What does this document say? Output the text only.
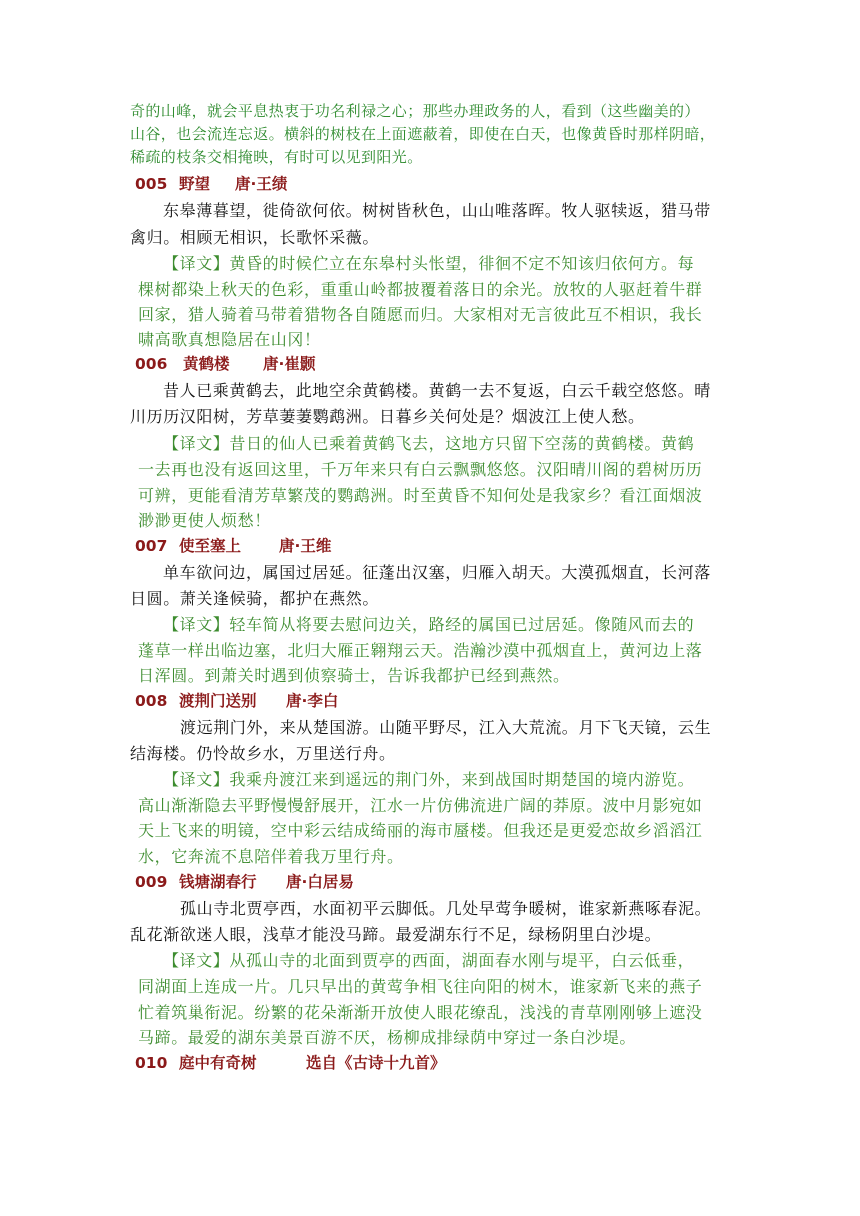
奇的山峰，就会平息热衷于功名利禄之心；那些办理政务的人，看到（这些幽美的）
山谷，也会流连忘返。横斜的树枝在上面遮蔽着，即使在白天，也像黄昏时那样阴暗，
稀疏的枝条交相掩映，有时可以见到阳光。
005 野望 唐·王绩
东皋薄暮望，徙倚欲何依。树树皆秋色，山山唯落晖。牧人驱犊返，猎马带
禽归。相顾无相识，长歌怀采薇。
【译文】黄昏的时候伫立在东皋村头怅望，徘徊不定不知该归依何方。每
棵树都染上秋天的色彩，重重山岭都披覆着落日的余光。放牧的人驱赶着牛群
回家，猎人骑着马带着猎物各自随愿而归。大家相对无言彼此互不相识，我长
啸高歌真想隐居在山冈！
006 黄鹤楼 唐·崔颢
昔人已乘黄鹤去，此地空余黄鹤楼。黄鹤一去不复返，白云千载空悠悠。晴
川历历汉阳树，芳草萋萋鹦鹉洲。日暮乡关何处是？烟波江上使人愁。
【译文】昔日的仙人已乘着黄鹤飞去，这地方只留下空荡的黄鹤楼。黄鹤
一去再也没有返回这里，千万年来只有白云飘飘悠悠。汉阳晴川阁的碧树历历
可辨，更能看清芳草繁茂的鹦鹉洲。时至黄昏不知何处是我家乡？看江面烟波
渺渺更使人烦愁！
007 使至塞上 唐·王维
单车欲问边，属国过居延。征蓬出汉塞，归雁入胡天。大漠孤烟直，长河落
日圆。萧关逢候骑，都护在燕然。
【译文】轻车简从将要去慰问边关，路经的属国已过居延。像随风而去的
蓬草一样出临边塞，北归大雁正翱翔云天。浩瀚沙漠中孤烟直上，黄河边上落
日浑圆。到萧关时遇到侦察骑士，告诉我都护已经到燕然。
008 渡荆门送别 唐·李白
渡远荆门外，来从楚国游。山随平野尽，江入大荒流。月下飞天镜，云生
结海楼。仍怜故乡水，万里送行舟。
【译文】我乘舟渡江来到遥远的荆门外，来到战国时期楚国的境内游览。
高山渐渐隐去平野慢慢舒展开，江水一片仿佛流进广阔的莽原。波中月影宛如
天上飞来的明镜，空中彩云结成绮丽的海市蜃楼。但我还是更爱恋故乡滔滔江
水，它奔流不息陪伴着我万里行舟。
009 钱塘湖春行 唐·白居易
孤山寺北贾亭西，水面初平云脚低。几处早莺争暖树，谁家新燕啄春泥。
乱花渐欲迷人眼，浅草才能没马蹄。最爱湖东行不足，绿杨阴里白沙堤。
【译文】从孤山寺的北面到贾亭的西面，湖面春水刚与堤平，白云低垂，
同湖面上连成一片。几只早出的黄莺争相飞往向阳的树木，谁家新飞来的燕子
忙着筑巢衔泥。纷繁的花朵渐渐开放使人眼花缭乱，浅浅的青草刚刚够上遮没
马蹄。最爱的湖东美景百游不厌，杨柳成排绿荫中穿过一条白沙堤。
010 庭中有奇树	选自《古诗十九首》
